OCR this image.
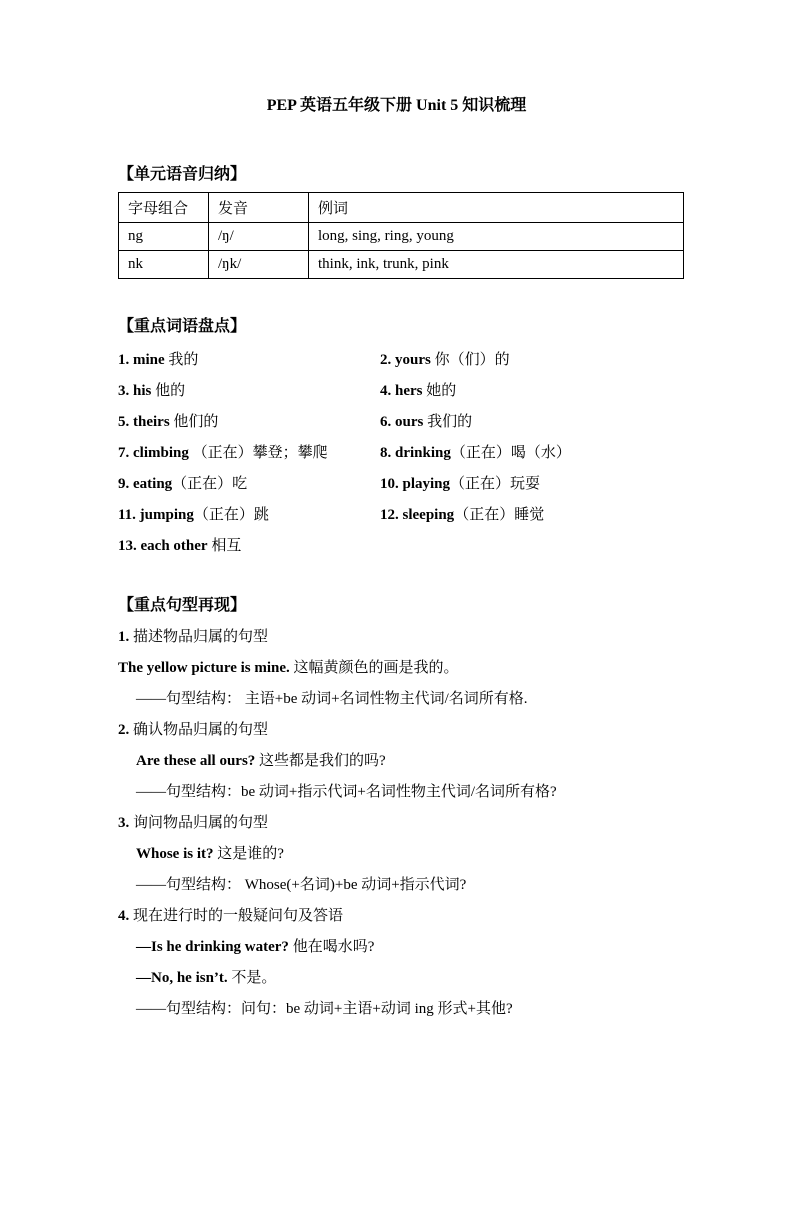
PEP 英语五年级下册 Unit 5 知识梳理
【单元语音归纳】
字母组合	发音	例词
ng	/ŋ/	long, sing, ring, young
nk	/ŋk/	think, ink, trunk, pink
【重点词语盘点】
1. mine 我的	2. yours 你（们）的
3. his 他的	4. hers 她的
5. theirs 他们的	6. ours 我们的
7. climbing （正在）攀登；攀爬	8. drinking（正在）喝（水）
9. eating（正在）吃	10. playing（正在）玩耍
11. jumping（正在）跳	12. sleeping（正在）睡觉
13. each other 相互
【重点句型再现】
1. 描述物品归属的句型
The yellow picture is mine. 这幅黄颜色的画是我的。
——句型结构： 主语+be 动词+名词性物主代词/名词所有格.
2. 确认物品归属的句型
Are these all ours? 这些都是我们的吗?
——句型结构：be 动词+指示代词+名词性物主代词/名词所有格?
3. 询问物品归属的句型
Whose is it? 这是谁的?
——句型结构： Whose(+名词)+be 动词+指示代词?
4. 现在进行时的一般疑问句及答语
—Is he drinking water? 他在喝水吗?
—No, he isn’t. 不是。
——句型结构：问句：be 动词+主语+动词 ing 形式+其他?
